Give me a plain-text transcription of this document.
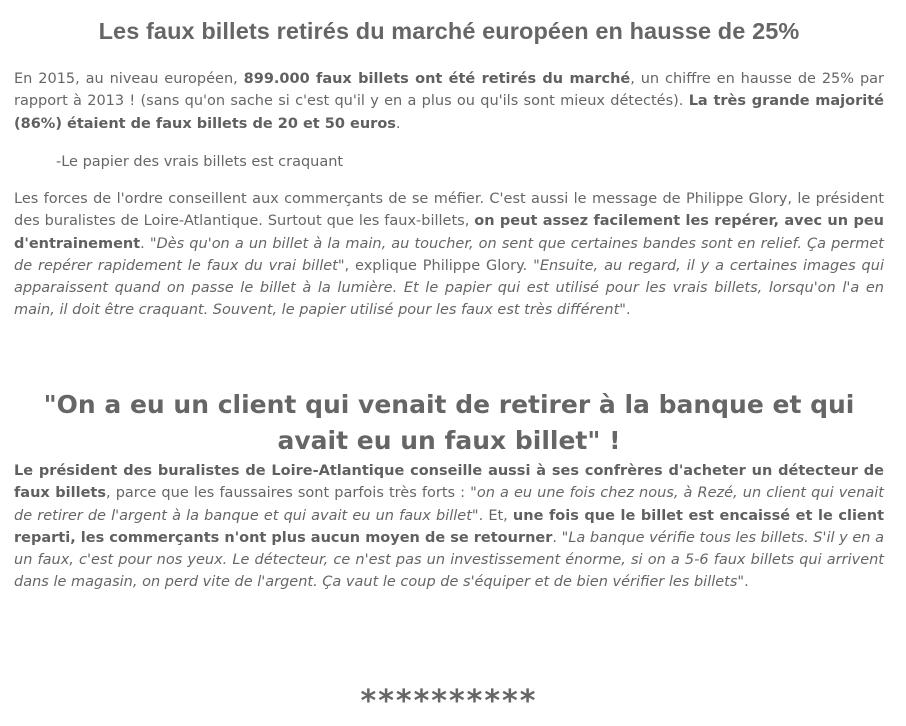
Les faux billets retirés du marché européen en hausse de 25%

En 2015, au niveau européen, 899.000 faux billets ont été retirés du marché, un chiffre en hausse de 25% par rapport à 2013 ! (sans qu'on sache si c'est qu'il y en a plus ou qu'ils sont mieux détectés). La très grande majorité (86%) étaient de faux billets de 20 et 50 euros.

-Le papier des vrais billets est craquant

Les forces de l'ordre conseillent aux commerçants de se méfier. C'est aussi le message de Philippe Glory, le président des buralistes de Loire-Atlantique. Surtout que les faux-billets, on peut assez facilement les repérer, avec un peu d'entrainement. "Dès qu'on a un billet à la main, au toucher, on sent que certaines bandes sont en relief. Ça permet de repérer rapidement le faux du vrai billet", explique Philippe Glory. "Ensuite, au regard, il y a certaines images qui apparaissent quand on passe le billet à la lumière. Et le papier qui est utilisé pour les vrais billets, lorsqu'on l'a en main, il doit être craquant. Souvent, le papier utilisé pour les faux est très différent".

"On a eu un client qui venait de retirer à la banque et qui avait eu un faux billet" !

Le président des buralistes de Loire-Atlantique conseille aussi à ses confrères d'acheter un détecteur de faux billets, parce que les faussaires sont parfois très forts : "on a eu une fois chez nous, à Rezé, un client qui venait de retirer de l'argent à la banque et qui avait eu un faux billet". Et, une fois que le billet est encaissé et le client reparti, les commerçants n'ont plus aucun moyen de se retourner. "La banque vérifie tous les billets. S'il y en a un faux, c'est pour nos yeux. Le détecteur, ce n'est pas un investissement énorme, si on a 5-6 faux billets qui arrivent dans le magasin, on perd vite de l'argent. Ça vaut le coup de s'équiper et de bien vérifier les billets".

**********
